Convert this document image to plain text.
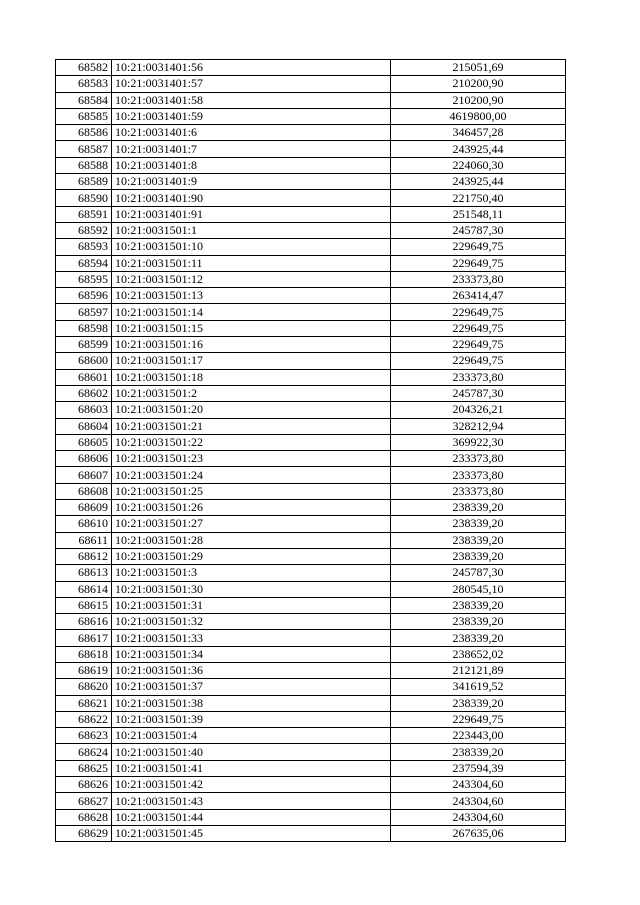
68582	10:21:0031401:56	215051,69
68583	10:21:0031401:57	210200,90
68584	10:21:0031401:58	210200,90
68585	10:21:0031401:59	4619800,00
68586	10:21:0031401:6	346457,28
68587	10:21:0031401:7	243925,44
68588	10:21:0031401:8	224060,30
68589	10:21:0031401:9	243925,44
68590	10:21:0031401:90	221750,40
68591	10:21:0031401:91	251548,11
68592	10:21:0031501:1	245787,30
68593	10:21:0031501:10	229649,75
68594	10:21:0031501:11	229649,75
68595	10:21:0031501:12	233373,80
68596	10:21:0031501:13	263414,47
68597	10:21:0031501:14	229649,75
68598	10:21:0031501:15	229649,75
68599	10:21:0031501:16	229649,75
68600	10:21:0031501:17	229649,75
68601	10:21:0031501:18	233373,80
68602	10:21:0031501:2	245787,30
68603	10:21:0031501:20	204326,21
68604	10:21:0031501:21	328212,94
68605	10:21:0031501:22	369922,30
68606	10:21:0031501:23	233373,80
68607	10:21:0031501:24	233373,80
68608	10:21:0031501:25	233373,80
68609	10:21:0031501:26	238339,20
68610	10:21:0031501:27	238339,20
68611	10:21:0031501:28	238339,20
68612	10:21:0031501:29	238339,20
68613	10:21:0031501:3	245787,30
68614	10:21:0031501:30	280545,10
68615	10:21:0031501:31	238339,20
68616	10:21:0031501:32	238339,20
68617	10:21:0031501:33	238339,20
68618	10:21:0031501:34	238652,02
68619	10:21:0031501:36	212121,89
68620	10:21:0031501:37	341619,52
68621	10:21:0031501:38	238339,20
68622	10:21:0031501:39	229649,75
68623	10:21:0031501:4	223443,00
68624	10:21:0031501:40	238339,20
68625	10:21:0031501:41	237594,39
68626	10:21:0031501:42	243304,60
68627	10:21:0031501:43	243304,60
68628	10:21:0031501:44	243304,60
68629	10:21:0031501:45	267635,06
